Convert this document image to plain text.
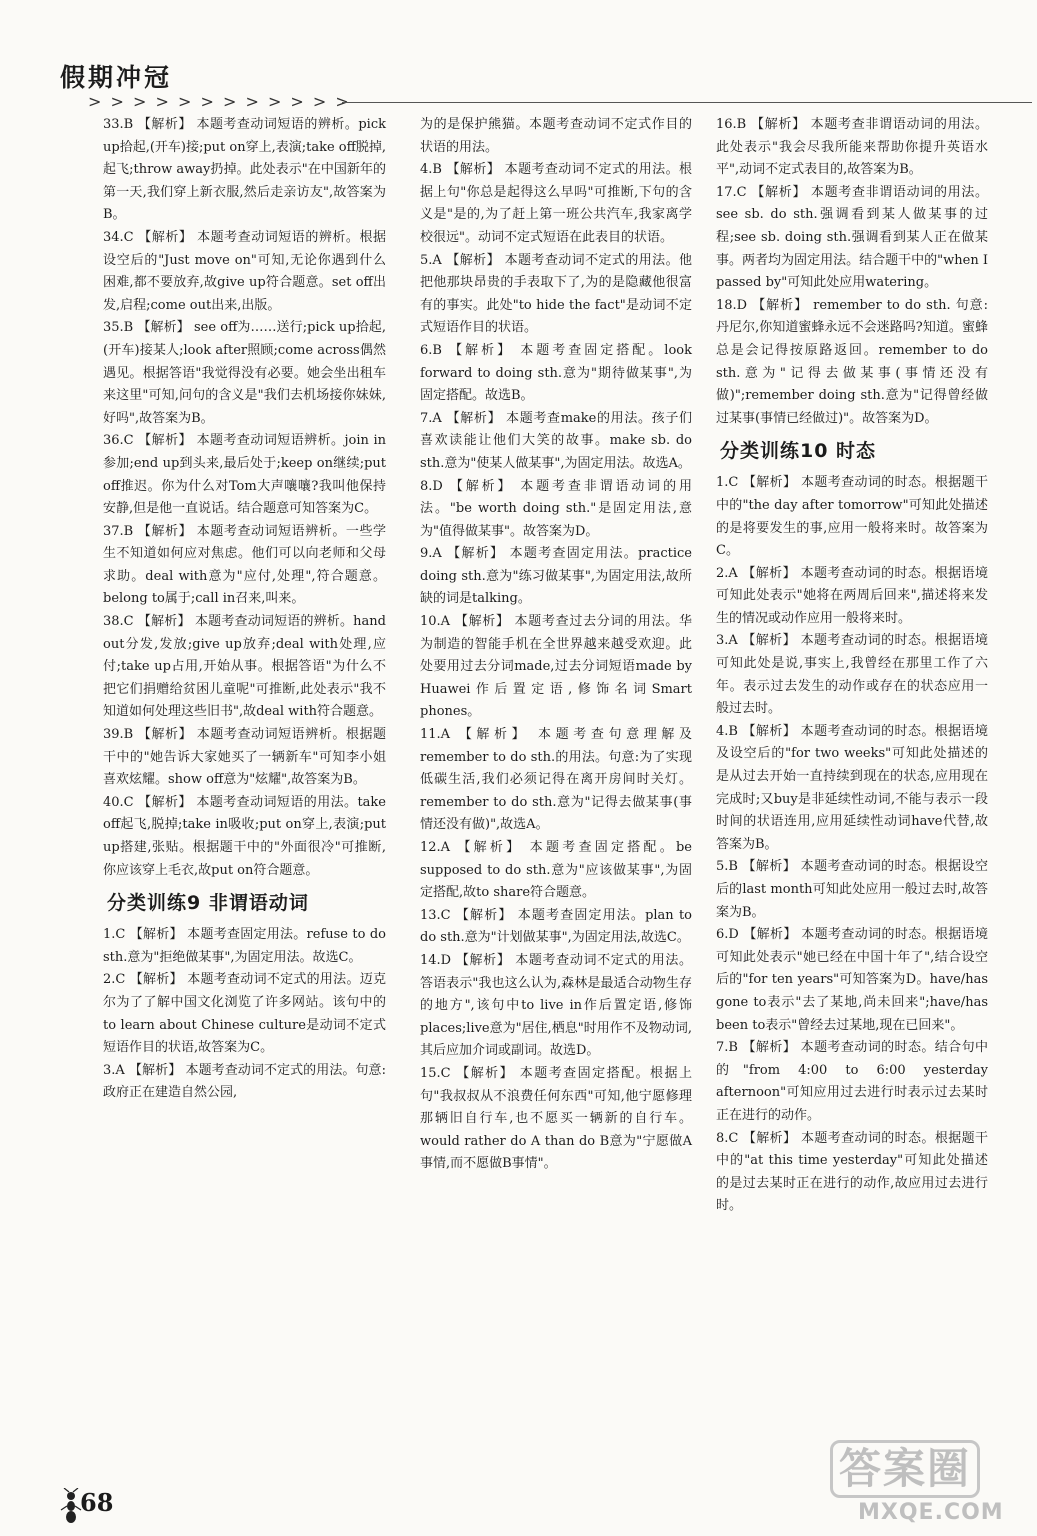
假期冲冠
> > > > > > > > > > > >

33.B 【解析】 本题考查动词短语的辨析。pick up拾起,(开车)接;put on穿上,表演;take off脱掉,起飞;throw away扔掉。此处表示"在中国新年的第一天,我们穿上新衣服,然后走亲访友",故答案为B。

34.C 【解析】 本题考查动词短语的辨析。根据设空后的"Just move on"可知,无论你遇到什么困难,都不要放弃,故give up符合题意。set off出发,启程;come out出来,出版。

35.B 【解析】 see off为……送行;pick up拾起,(开车)接某人;look after照顾;come across偶然遇见。根据答语"我觉得没有必要。她会坐出租车来这里"可知,问句的含义是"我们去机场接你妹妹,好吗",故答案为B。

36.C 【解析】 本题考查动词短语辨析。join in参加;end up到头来,最后处于;keep on继续;put off推迟。你为什么对Tom大声嚷嚷?我叫他保持安静,但是他一直说话。结合题意可知答案为C。

37.B 【解析】 本题考查动词短语辨析。一些学生不知道如何应对焦虑。他们可以向老师和父母求助。deal with意为"应付,处理",符合题意。belong to属于;call in召来,叫来。

38.C 【解析】 本题考查动词短语的辨析。hand out分发,发放;give up放弃;deal with处理,应付;take up占用,开始从事。根据答语"为什么不把它们捐赠给贫困儿童呢"可推断,此处表示"我不知道如何处理这些旧书",故deal with符合题意。

39.B 【解析】 本题考查动词短语辨析。根据题干中的"她告诉大家她买了一辆新车"可知李小姐喜欢炫耀。show off意为"炫耀",故答案为B。

40.C 【解析】 本题考查动词短语的用法。take off起飞,脱掉;take in吸收;put on穿上,表演;put up搭建,张贴。根据题干中的"外面很冷"可推断,你应该穿上毛衣,故put on符合题意。

分类训练9 非谓语动词

1.C 【解析】 本题考查固定用法。refuse to do sth.意为"拒绝做某事",为固定用法。故选C。

2.C 【解析】 本题考查动词不定式的用法。迈克尔为了了解中国文化浏览了许多网站。该句中的to learn about Chinese culture是动词不定式短语作目的状语,故答案为C。

3.A 【解析】 本题考查动词不定式的用法。句意:政府正在建造自然公园,

为的是保护熊猫。本题考查动词不定式作目的状语的用法。

4.B 【解析】 本题考查动词不定式的用法。根据上句"你总是起得这么早吗"可推断,下句的含义是"是的,为了赶上第一班公共汽车,我家离学校很远"。动词不定式短语在此表目的状语。

5.A 【解析】 本题考查动词不定式的用法。他把他那块昂贵的手表取下了,为的是隐藏他很富有的事实。此处"to hide the fact"是动词不定式短语作目的状语。

6.B 【解析】 本题考查固定搭配。look forward to doing sth.意为"期待做某事",为固定搭配。故选B。

7.A 【解析】 本题考查make的用法。孩子们喜欢读能让他们大笑的故事。make sb. do sth.意为"使某人做某事",为固定用法。故选A。

8.D 【解析】 本题考查非谓语动词的用法。"be worth doing sth."是固定用法,意为"值得做某事"。故答案为D。

9.A 【解析】 本题考查固定用法。practice doing sth.意为"练习做某事",为固定用法,故所缺的词是talking。

10.A 【解析】 本题考查过去分词的用法。华为制造的智能手机在全世界越来越受欢迎。此处要用过去分词made,过去分词短语made by Huawei作后置定语,修饰名词Smart phones。

11.A 【解析】 本题考查句意理解及remember to do sth.的用法。句意:为了实现低碳生活,我们必须记得在离开房间时关灯。remember to do sth.意为"记得去做某事(事情还没有做)",故选A。

12.A 【解析】 本题考查固定搭配。be supposed to do sth.意为"应该做某事",为固定搭配,故to share符合题意。

13.C 【解析】 本题考查固定用法。plan to do sth.意为"计划做某事",为固定用法,故选C。

14.D 【解析】 本题考查动词不定式的用法。答语表示"我也这么认为,森林是最适合动物生存的地方",该句中to live in作后置定语,修饰places;live意为"居住,栖息"时用作不及物动词,其后应加介词或副词。故选D。

15.C 【解析】 本题考查固定搭配。根据上句"我叔叔从不浪费任何东西"可知,他宁愿修理那辆旧自行车,也不愿买一辆新的自行车。would rather do A than do B意为"宁愿做A事情,而不愿做B事情"。

16.B 【解析】 本题考查非谓语动词的用法。此处表示"我会尽我所能来帮助你提升英语水平",动词不定式表目的,故答案为B。

17.C 【解析】 本题考查非谓语动词的用法。see sb. do sth.强调看到某人做某事的过程;see sb. doing sth.强调看到某人正在做某事。两者均为固定用法。结合题干中的"when I passed by"可知此处应用watering。

18.D 【解析】 remember to do sth. 句意:丹尼尔,你知道蜜蜂永远不会迷路吗?知道。蜜蜂总是会记得按原路返回。remember to do sth.意为"记得去做某事(事情还没有做)";remember doing sth.意为"记得曾经做过某事(事情已经做过)"。故答案为D。

分类训练10 时态

1.C 【解析】 本题考查动词的时态。根据题干中的"the day after tomorrow"可知此处描述的是将要发生的事,应用一般将来时。故答案为C。

2.A 【解析】 本题考查动词的时态。根据语境可知此处表示"她将在两周后回来",描述将来发生的情况或动作应用一般将来时。

3.A 【解析】 本题考查动词的时态。根据语境可知此处是说,事实上,我曾经在那里工作了六年。表示过去发生的动作或存在的状态应用一般过去时。

4.B 【解析】 本题考查动词的时态。根据语境及设空后的"for two weeks"可知此处描述的是从过去开始一直持续到现在的状态,应用现在完成时;又buy是非延续性动词,不能与表示一段时间的状语连用,应用延续性动词have代替,故答案为B。

5.B 【解析】 本题考查动词的时态。根据设空后的last month可知此处应用一般过去时,故答案为B。

6.D 【解析】 本题考查动词的时态。根据语境可知此处表示"她已经在中国十年了",结合设空后的"for ten years"可知答案为D。have/has gone to表示"去了某地,尚未回来";have/has been to表示"曾经去过某地,现在已回来"。

7.B 【解析】 本题考查动词的时态。结合句中的"from 4:00 to 6:00 yesterday afternoon"可知应用过去进行时表示过去某时正在进行的动作。

8.C 【解析】 本题考查动词的时态。根据题干中的"at this time yesterday"可知此处描述的是过去某时正在进行的动作,故应用过去进行时。

68
答案圈
MXQE.COM
